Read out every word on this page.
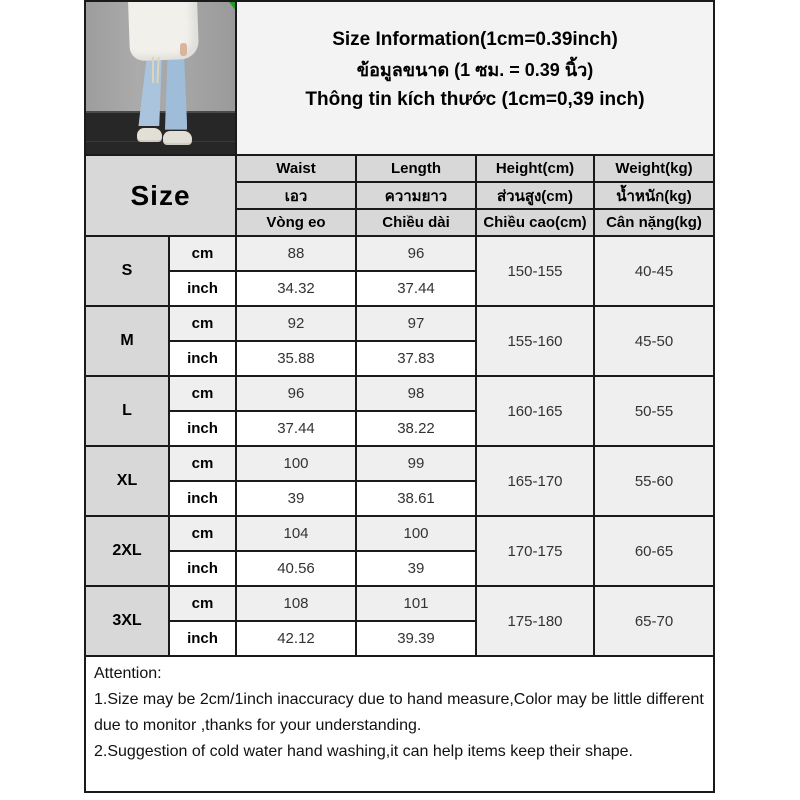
		Size Information(1cm=0.39inch)
ข้อมูลขนาด (1 ซม. = 0.39 นิ้ว)
Thông tin kích thước (1cm=0,39 inch)			

Size		Waist	Length	Height(cm)	Weight(kg)
		เอว	ความยาว	ส่วนสูง(cm)	น้ำหนัก(kg)
		Vòng eo	Chiều dài	Chiều cao(cm)	Cân nặng(kg)
S	cm	88	96	150-155	40-45
	inch	34.32	37.44		
M	cm	92	97	155-160	45-50
	inch	35.88	37.83		
L	cm	96	98	160-165	50-55
	inch	37.44	38.22		
XL	cm	100	99	165-170	55-60
	inch	39	38.61		
2XL	cm	104	100	170-175	60-65
	inch	40.56	39		
3XL	cm	108	101	175-180	65-70
	inch	42.12	39.39		

Attention:
1.Size may be 2cm/1inch inaccuracy due to hand measure,Color may be little different
due to monitor ,thanks for your understanding.
2.Suggestion of cold water hand washing,it can help items keep their shape.					
